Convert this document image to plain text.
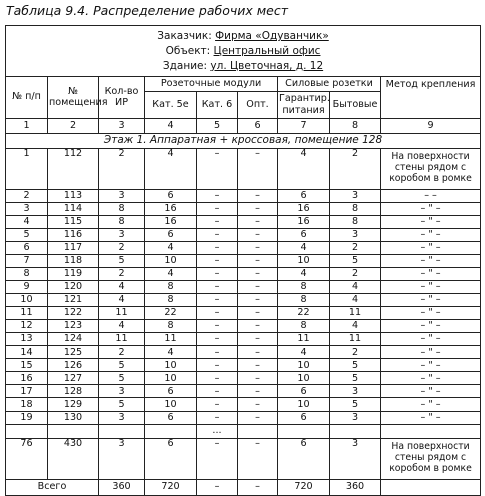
Таблица 9.4. Распределение рабочих мест
Заказчик: Фирма «Одуванчик»
Объект: Центральный офис
Здание: ул. Цветочная, д. 12								

№ п/п	№ помещения	Кол-во ИР	Розеточные модули			Силовые розетки		Метод крепления
			Кат. 5е	Кат. 6	Опт.	Гарантир. питания	Бытовые	
1	2	3	4	5	6	7	8	9
Этаж 1. Аппаратная + кроссовая, помещение 128								
1	112	2	4	–	–	4	2	На поверхности стены рядом с коробом в ромке
2	113	3	6	–	–	6	3	– –
3	114	8	16	–	–	16	8	– " –
4	115	8	16	–	–	16	8	– " –
5	116	3	6	–	–	6	3	– " –
6	117	2	4	–	–	4	2	– " –
7	118	5	10	–	–	10	5	– " –
8	119	2	4	–	–	4	2	– " –
9	120	4	8	–	–	8	4	– " –
10	121	4	8	–	–	8	4	– " –
11	122	11	22	–	–	22	11	– " –
12	123	4	8	–	–	8	4	– " –
13	124	11	11	–	–	11	11	– " –
14	125	2	4	–	–	4	2	– " –
15	126	5	10	–	–	10	5	– " –
16	127	5	10	–	–	10	5	– " –
17	128	3	6	–	–	6	3	– " –
18	129	5	10	–	–	10	5	– " –
19	130	3	6	–	–	6	3	– " –
				...				
76	430	3	6	–	–	6	3	На поверхности стены рядом с коробом в ромке
Всего		360	720	–	–	720	360	
